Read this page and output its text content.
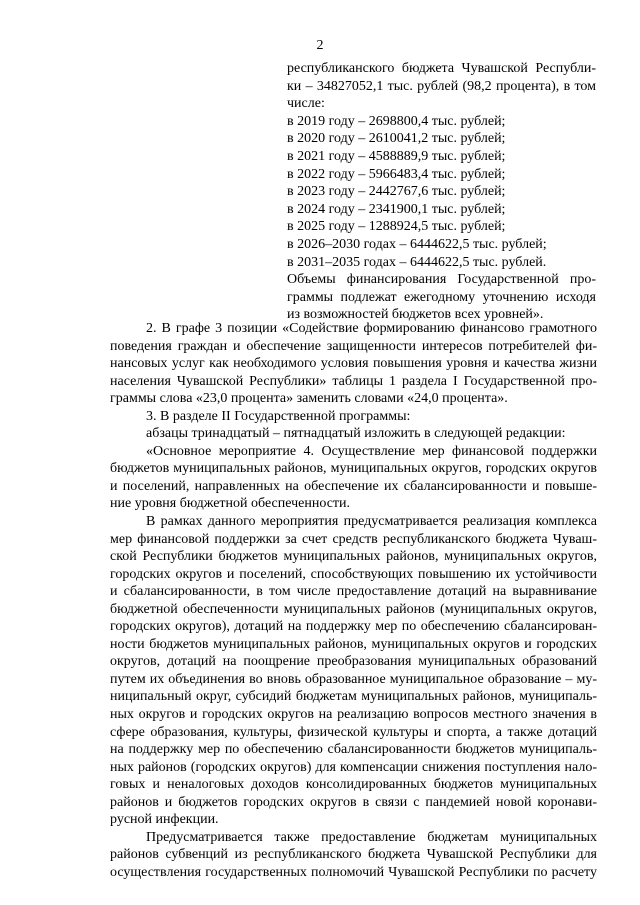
2
республиканского бюджета Чувашской Республи-
ки – 34827052,1 тыс. рублей (98,2 процента), в том
числе:
в 2019 году – 2698800,4 тыс. рублей;
в 2020 году – 2610041,2 тыс. рублей;
в 2021 году – 4588889,9 тыс. рублей;
в 2022 году – 5966483,4 тыс. рублей;
в 2023 году – 2442767,6 тыс. рублей;
в 2024 году – 2341900,1 тыс. рублей;
в 2025 году – 1288924,5 тыс. рублей;
в 2026–2030 годах – 6444622,5 тыс. рублей;
в 2031–2035 годах – 6444622,5 тыс. рублей.
Объемы финансирования Государственной про-
граммы подлежат ежегодному уточнению исходя
из возможностей бюджетов всех уровней».
2. В графе 3 позиции «Содействие формированию финансово грамотного
поведения граждан и обеспечение защищенности интересов потребителей фи-
нансовых услуг как необходимого условия повышения уровня и качества жизни
населения Чувашской Республики» таблицы 1 раздела I Государственной про-
граммы слова «23,0 процента» заменить словами «24,0 процента».
3. В разделе II Государственной программы:
абзацы тринадцатый – пятнадцатый изложить в следующей редакции:
«Основное мероприятие 4. Осуществление мер финансовой поддержки
бюджетов муниципальных районов, муниципальных округов, городских округов
и поселений, направленных на обеспечение их сбалансированности и повыше-
ние уровня бюджетной обеспеченности.
В рамках данного мероприятия предусматривается реализация комплекса
мер финансовой поддержки за счет средств республиканского бюджета Чуваш-
ской Республики бюджетов муниципальных районов, муниципальных округов,
городских округов и поселений, способствующих повышению их устойчивости
и сбалансированности, в том числе предоставление дотаций на выравнивание
бюджетной обеспеченности муниципальных районов (муниципальных округов,
городских округов), дотаций на поддержку мер по обеспечению сбалансирован-
ности бюджетов муниципальных районов, муниципальных округов и городских
округов, дотаций на поощрение преобразования муниципальных образований
путем их объединения во вновь образованное муниципальное образование – му-
ниципальный округ, субсидий бюджетам муниципальных районов, муниципаль-
ных округов и городских округов на реализацию вопросов местного значения в
сфере образования, культуры, физической культуры и спорта, а также дотаций
на поддержку мер по обеспечению сбалансированности бюджетов муниципаль-
ных районов (городских округов) для компенсации снижения поступления нало-
говых и неналоговых доходов консолидированных бюджетов муниципальных
районов и бюджетов городских округов в связи с пандемией новой коронави-
русной инфекции.
Предусматривается также предоставление бюджетам муниципальных
районов субвенций из республиканского бюджета Чувашской Республики для
осуществления государственных полномочий Чувашской Республики по расчету
